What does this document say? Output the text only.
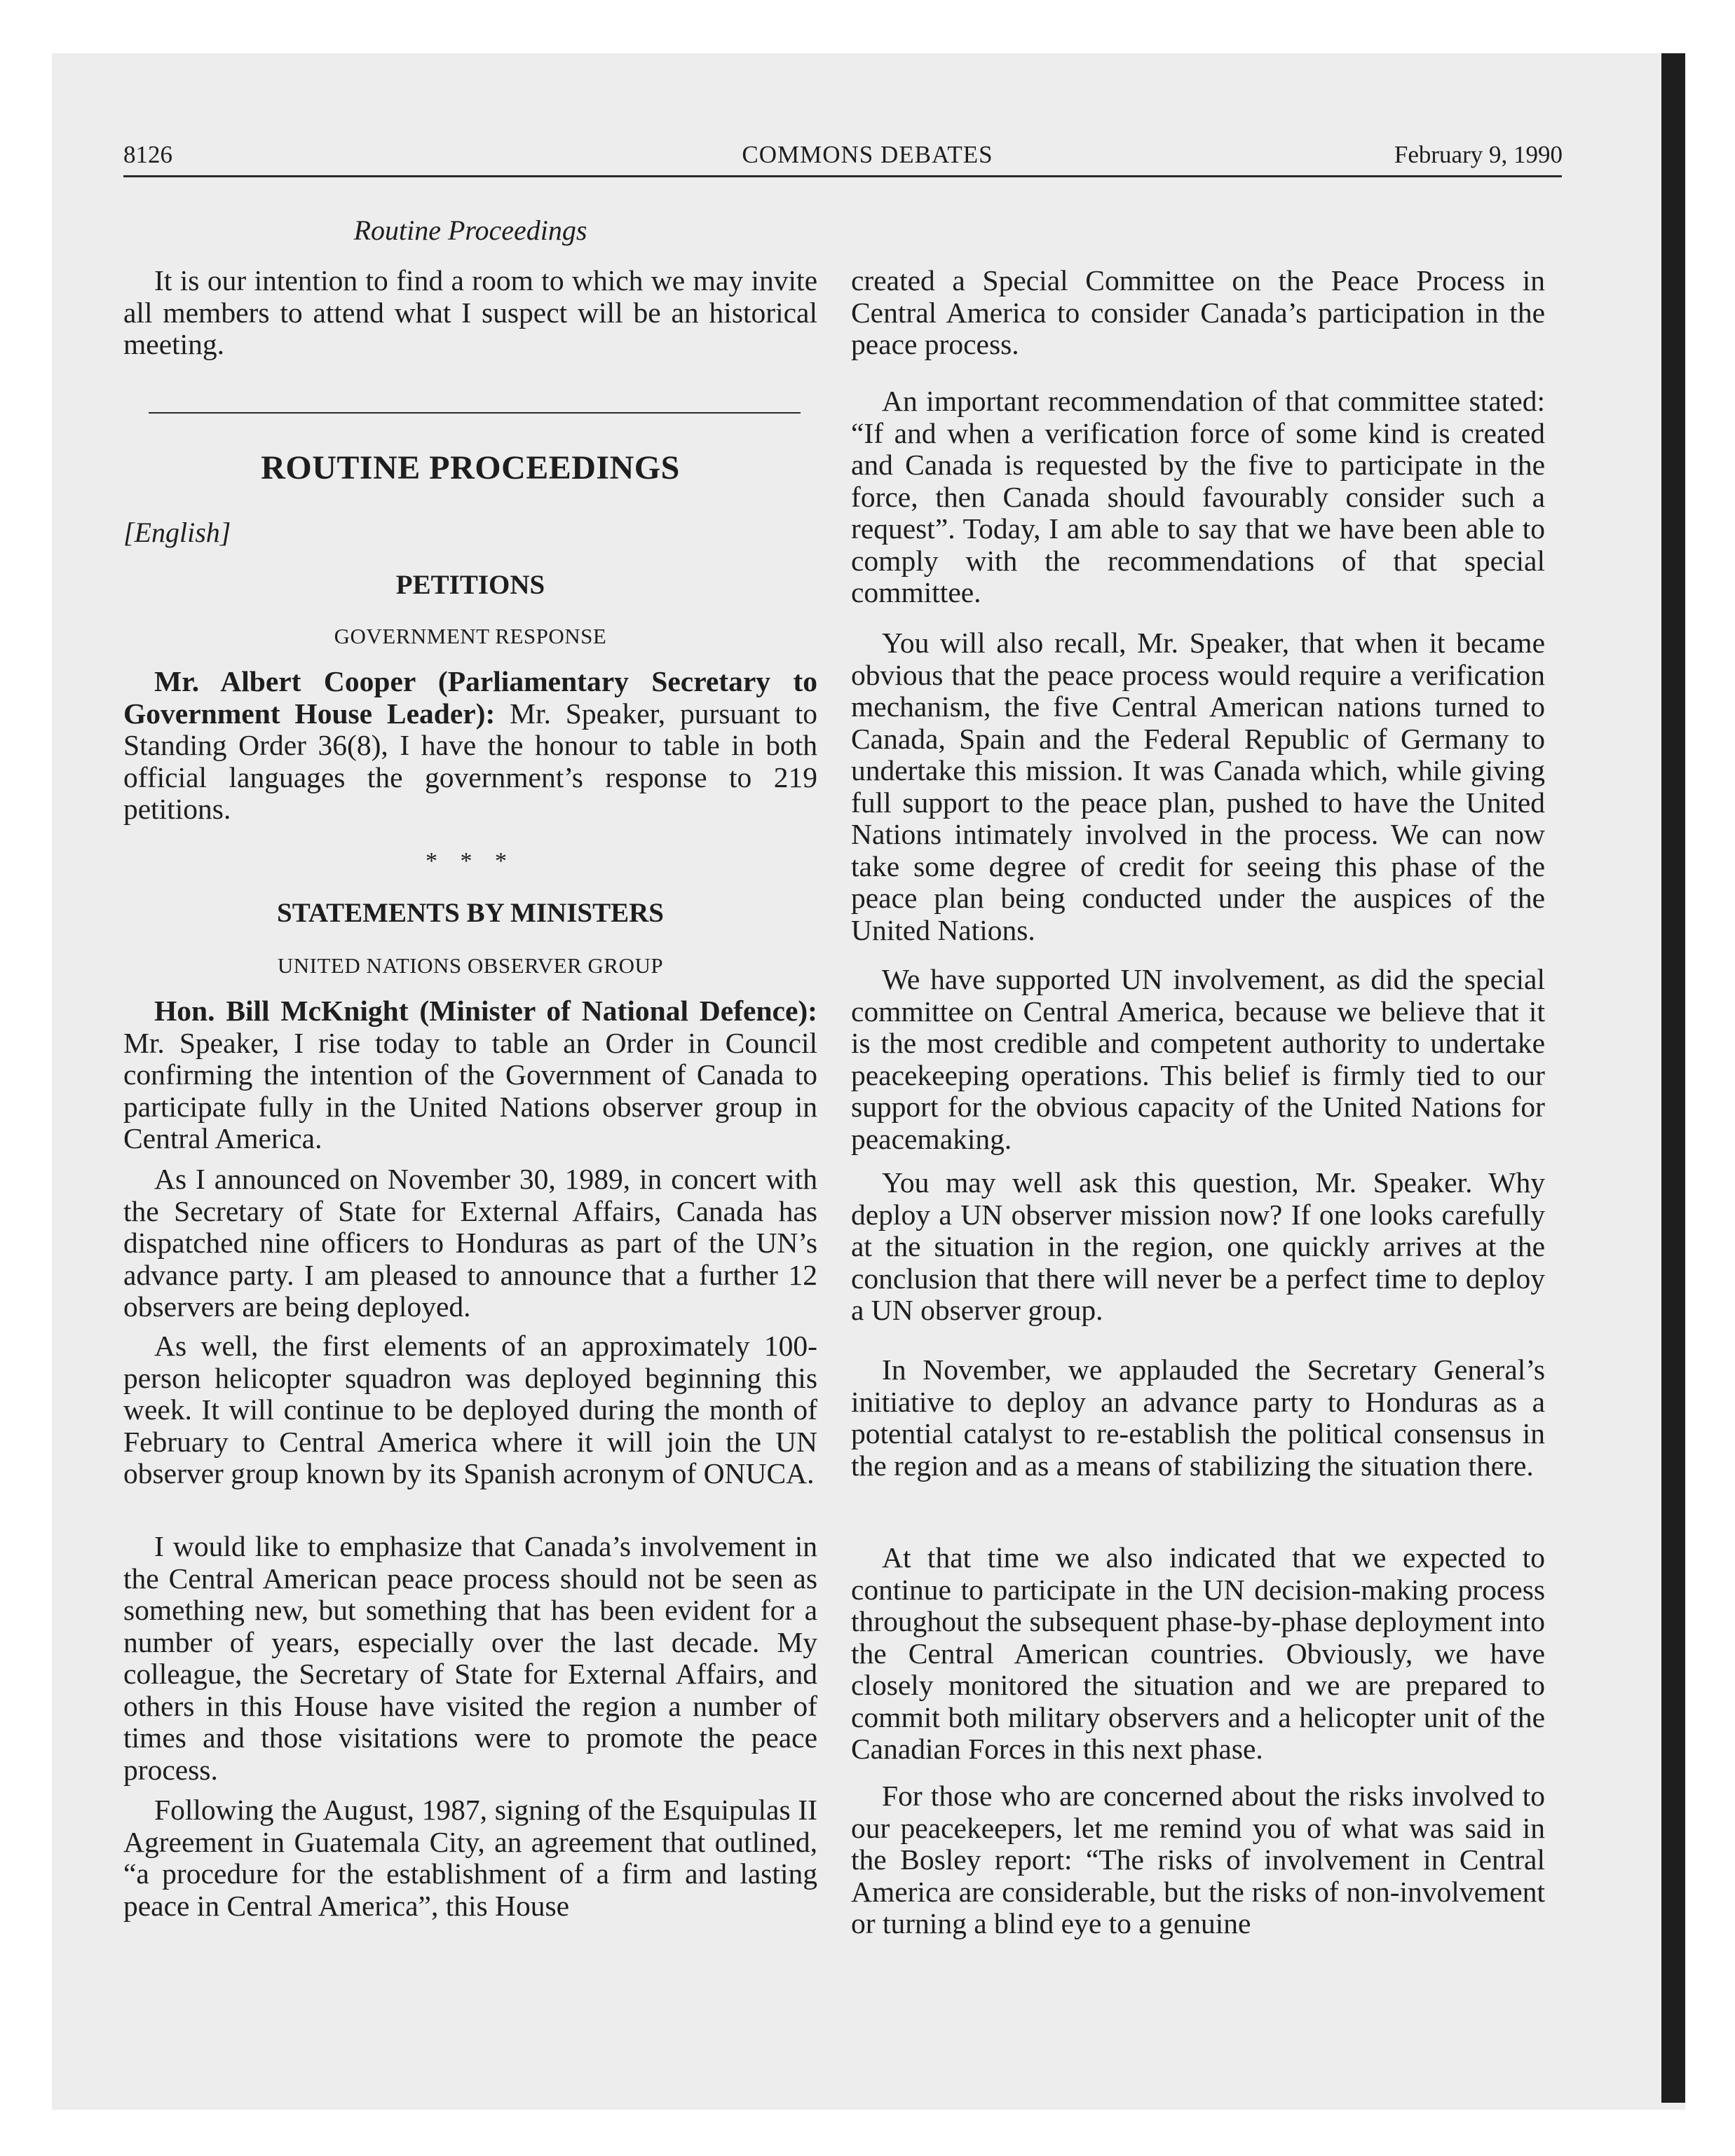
8126	COMMONS DEBATES	February 9, 1990
Routine Proceedings

It is our intention to find a room to which we may invite all members to attend what I suspect will be an historical meeting.

ROUTINE PROCEEDINGS
[English]
PETITIONS
GOVERNMENT RESPONSE

Mr. Albert Cooper (Parliamentary Secretary to Government House Leader): Mr. Speaker, pursuant to Standing Order 36(8), I have the honour to table in both official languages the government’s response to 219 petitions.

* * *
STATEMENTS BY MINISTERS
UNITED NATIONS OBSERVER GROUP

Hon. Bill McKnight (Minister of National Defence): Mr. Speaker, I rise today to table an Order in Council confirming the intention of the Government of Canada to participate fully in the United Nations observer group in Central America.

As I announced on November 30, 1989, in concert with the Secretary of State for External Affairs, Canada has dispatched nine officers to Honduras as part of the UN’s advance party. I am pleased to announce that a further 12 observers are being deployed.

As well, the first elements of an approximately 100-person helicopter squadron was deployed beginning this week. It will continue to be deployed during the month of February to Central America where it will join the UN observer group known by its Spanish acronym of ONUCA.

I would like to emphasize that Canada’s involvement in the Central American peace process should not be seen as something new, but something that has been evident for a number of years, especially over the last decade. My colleague, the Secretary of State for External Affairs, and others in this House have visited the region a number of times and those visitations were to promote the peace process.

Following the August, 1987, signing of the Esquipulas II Agreement in Guatemala City, an agreement that outlined, “a procedure for the establishment of a firm and lasting peace in Central America”, this House

created a Special Committee on the Peace Process in Central America to consider Canada’s participation in the peace process.

An important recommendation of that committee stated: “If and when a verification force of some kind is created and Canada is requested by the five to participate in the force, then Canada should favourably consider such a request”. Today, I am able to say that we have been able to comply with the recommendations of that special committee.

You will also recall, Mr. Speaker, that when it became obvious that the peace process would require a verification mechanism, the five Central American nations turned to Canada, Spain and the Federal Republic of Germany to undertake this mission. It was Canada which, while giving full support to the peace plan, pushed to have the United Nations intimately involved in the process. We can now take some degree of credit for seeing this phase of the peace plan being conducted under the auspices of the United Nations.

We have supported UN involvement, as did the special committee on Central America, because we believe that it is the most credible and competent authority to undertake peacekeeping operations. This belief is firmly tied to our support for the obvious capacity of the United Nations for peacemaking.

You may well ask this question, Mr. Speaker. Why deploy a UN observer mission now? If one looks carefully at the situation in the region, one quickly arrives at the conclusion that there will never be a perfect time to deploy a UN observer group.

In November, we applauded the Secretary General’s initiative to deploy an advance party to Honduras as a potential catalyst to re-establish the political consensus in the region and as a means of stabilizing the situation there.

At that time we also indicated that we expected to continue to participate in the UN decision-making process throughout the subsequent phase-by-phase deployment into the Central American countries. Obviously, we have closely monitored the situation and we are prepared to commit both military observers and a helicopter unit of the Canadian Forces in this next phase.

For those who are concerned about the risks involved to our peacekeepers, let me remind you of what was said in the Bosley report: “The risks of involvement in Central America are considerable, but the risks of non-involvement or turning a blind eye to a genuine
